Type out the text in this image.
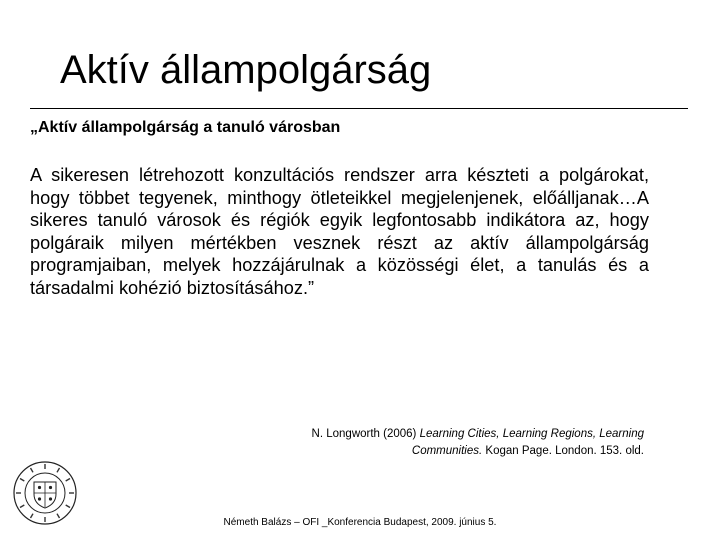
Aktív állampolgárság
„Aktív állampolgárság a tanuló városban
A sikeresen létrehozott konzultációs rendszer arra készteti a polgárokat, hogy többet tegyenek, minthogy ötleteikkel megjelenjenek, előálljanak…A sikeres tanuló városok és régiók egyik legfontosabb indikátora az, hogy polgáraik milyen mértékben vesznek részt az aktív állampolgárság programjaiban, melyek hozzájárulnak a közösségi élet, a tanulás és a társadalmi kohézió biztosításához.”
N. Longworth (2006) Learning Cities, Learning Regions, Learning
Communities. Kogan Page. London. 153. old.
Németh Balázs – OFI _Konferencia Budapest, 2009. június 5.
